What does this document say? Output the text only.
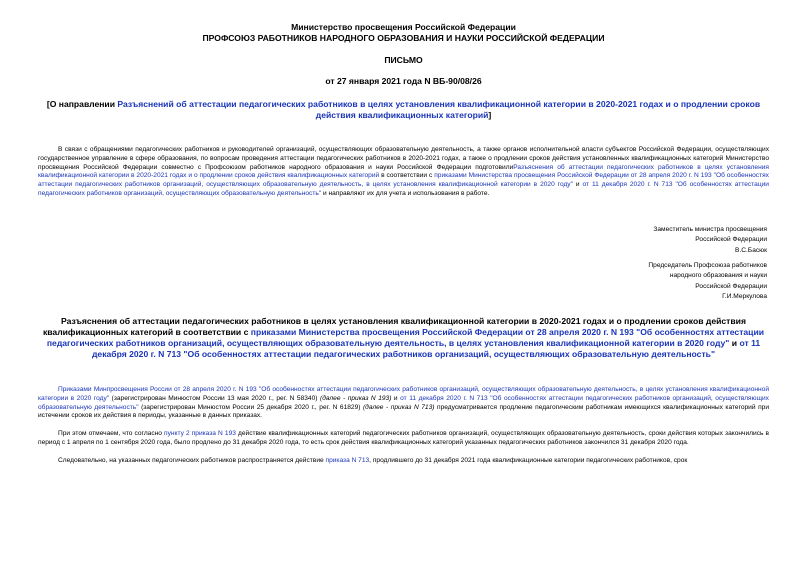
Министерство просвещения Российской Федерации
ПРОФСОЮЗ РАБОТНИКОВ НАРОДНОГО ОБРАЗОВАНИЯ И НАУКИ РОССИЙСКОЙ ФЕДЕРАЦИИ
ПИСЬМО
от 27 января 2021 года N ВБ-90/08/26

[О направлении Разъяснений об аттестации педагогических работников в целях установления квалификационной категории в 2020-2021 годах и о продлении сроков действия квалификационных категорий]

В связи с обращениями педагогических работников и руководителей организаций, осуществляющих образовательную деятельность, а также органов исполнительной власти субъектов Российской Федерации, осуществляющих государственное управление в сфере образования, по вопросам проведения аттестации педагогических работников в 2020-2021 годах, а также о продлении сроков действия установленных квалификационных категорий Министерство просвещения Российской Федерации совместно с Профсоюзом работников народного образования и науки Российской Федерации подготовилиРазъяснения об аттестации педагогических работников в целях установления квалификационной категории в 2020-2021 годах и о продлении сроков действия квалификационных категорий в соответствии с приказами Министерства просвещения Российской Федерации от 28 апреля 2020 г. N 193 "Об особенностях аттестации педагогических работников организаций, осуществляющих образовательную деятельность, в целях установления квалификационной категории в 2020 году" и от 11 декабря 2020 г. N 713 "Об особенностях аттестации педагогических работников организаций, осуществляющих образовательную деятельность" и направляют их для учета и использования в работе.

Заместитель министра просвещения
Российской Федерации
В.С.Басюк
Председатель Профсоюза работников
народного образования и науки
Российской Федерации
Г.И.Меркулова
Разъяснения об аттестации педагогических работников в целях установления квалификационной категории в 2020-2021 годах и о продлении сроков действия квалификационных категорий в соответствии с приказами Министерства просвещения Российской Федерации от 28 апреля 2020 г. N 193 "Об особенностях аттестации педагогических работников организаций, осуществляющих образовательную деятельность, в целях установления квалификационной категории в 2020 году" и от 11 декабря 2020 г. N 713 "Об особенностях аттестации педагогических работников организаций, осуществляющих образовательную деятельность"

Приказами Минпросвещения России от 28 апреля 2020 г. N 193 "Об особенностях аттестации педагогических работников организаций, осуществляющих образовательную деятельность, в целях установления квалификационной категории в 2020 году" (зарегистрирован Минюстом России 13 мая 2020 г., рег. N 58340) (далее - приказ N 193) и от 11 декабря 2020 г. N 713 "Об особенностях аттестации педагогических работников организаций, осуществляющих образовательную деятельность" (зарегистрирован Минюстом России 25 декабря 2020 г., рег. N 61829) (далее - приказ N 713) предусматривается продление педагогическим работникам имеющихся квалификационных категорий при истечении сроков их действия в периоды, указанные в данных приказах.

При этом отмечаем, что согласно пункту 2 приказа N 193 действие квалификационных категорий педагогических работников организаций, осуществляющих образовательную деятельность, сроки действия которых закончились в период с 1 апреля по 1 сентября 2020 года, было продлено до 31 декабря 2020 года, то есть срок действия квалификационных категорий указанных педагогических работников закончился 31 декабря 2020 года.

Следовательно, на указанных педагогических работников распространяется действие приказа N 713, продлившего до 31 декабря 2021 года квалификационные категории педагогических работников, срок
